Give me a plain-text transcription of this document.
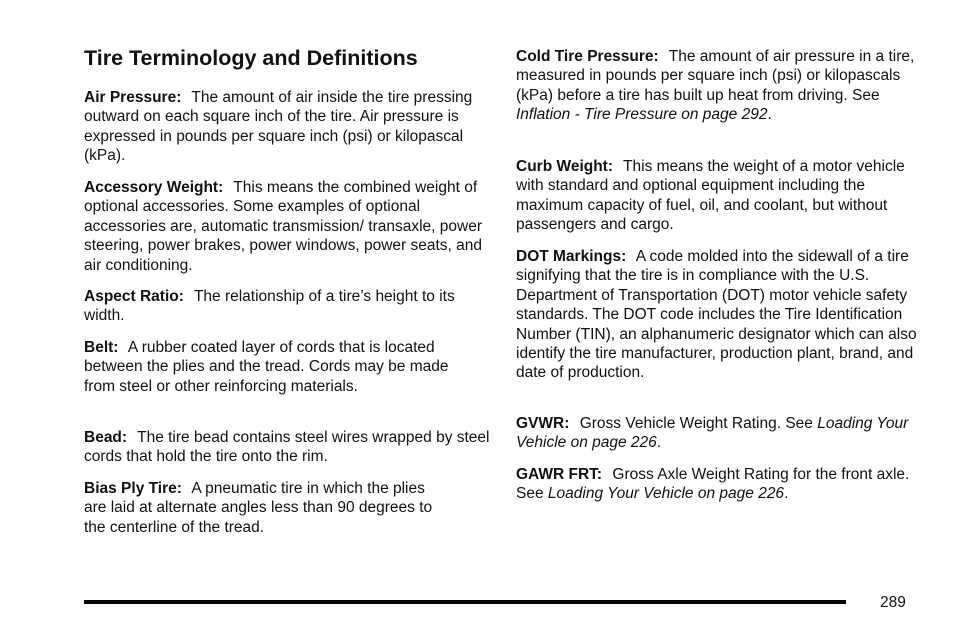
Tire Terminology and Definitions

Air Pressure: The amount of air inside the tire pressing outward on each square inch of the tire. Air pressure is expressed in pounds per square inch (psi) or kilopascal (kPa).

Accessory Weight: This means the combined weight of optional accessories. Some examples of optional accessories are, automatic transmission/ transaxle, power steering, power brakes, power windows, power seats, and air conditioning.

Aspect Ratio: The relationship of a tire’s height to its width.

Belt: A rubber coated layer of cords that is located between the plies and the tread. Cords may be made from steel or other reinforcing materials.

Bead: The tire bead contains steel wires wrapped by steel cords that hold the tire onto the rim.

Bias Ply Tire: A pneumatic tire in which the plies are laid at alternate angles less than 90 degrees to the centerline of the tread.

Cold Tire Pressure: The amount of air pressure in a tire, measured in pounds per square inch (psi) or kilopascals (kPa) before a tire has built up heat from driving. See Inflation - Tire Pressure on page 292.

Curb Weight: This means the weight of a motor vehicle with standard and optional equipment including the maximum capacity of fuel, oil, and coolant, but without passengers and cargo.

DOT Markings: A code molded into the sidewall of a tire signifying that the tire is in compliance with the U.S. Department of Transportation (DOT) motor vehicle safety standards. The DOT code includes the Tire Identification Number (TIN), an alphanumeric designator which can also identify the tire manufacturer, production plant, brand, and date of production.

GVWR: Gross Vehicle Weight Rating. See Loading Your Vehicle on page 226.

GAWR FRT: Gross Axle Weight Rating for the front axle. See Loading Your Vehicle on page 226.

289
